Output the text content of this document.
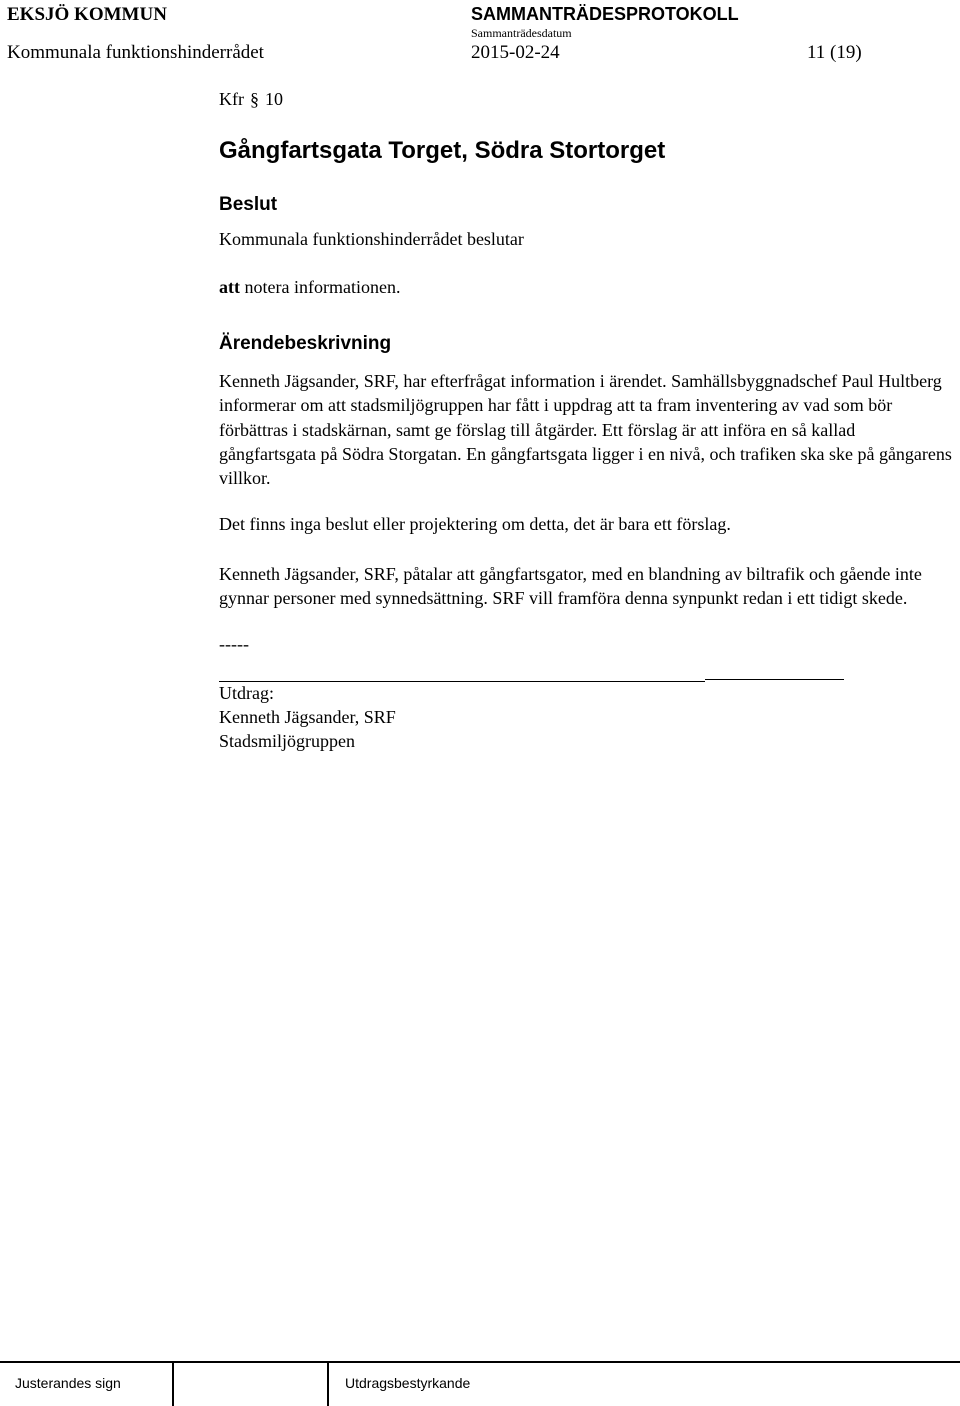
EKSJÖ KOMMUN	SAMMANTRÄDESPROTOKOLL
Sammanträdesdatum
Kommunala funktionshinderrådet	2015-02-24	11 (19)
Kfr § 10
Gångfartsgata Torget, Södra Stortorget
Beslut
Kommunala funktionshinderrådet beslutar
att notera informationen.
Ärendebeskrivning

Kenneth Jägsander, SRF, har efterfrågat information i ärendet. Samhällsbyggnadschef Paul Hultberg informerar om att stadsmiljögruppen har fått i uppdrag att ta fram inventering av vad som bör förbättras i stadskärnan, samt ge förslag till åtgärder. Ett förslag är att införa en så kallad gångfartsgata på Södra Storgatan. En gångfartsgata ligger i en nivå, och trafiken ska ske på gångarens villkor.

Det finns inga beslut eller projektering om detta, det är bara ett förslag.

Kenneth Jägsander, SRF, påtalar att gångfartsgator, med en blandning av biltrafik och gående inte gynnar personer med synnedsättning. SRF vill framföra denna synpunkt redan i ett tidigt skede.

-----
Utdrag:
Kenneth Jägsander, SRF
Stadsmiljögruppen
Justerandes sign	Utdragsbestyrkande
